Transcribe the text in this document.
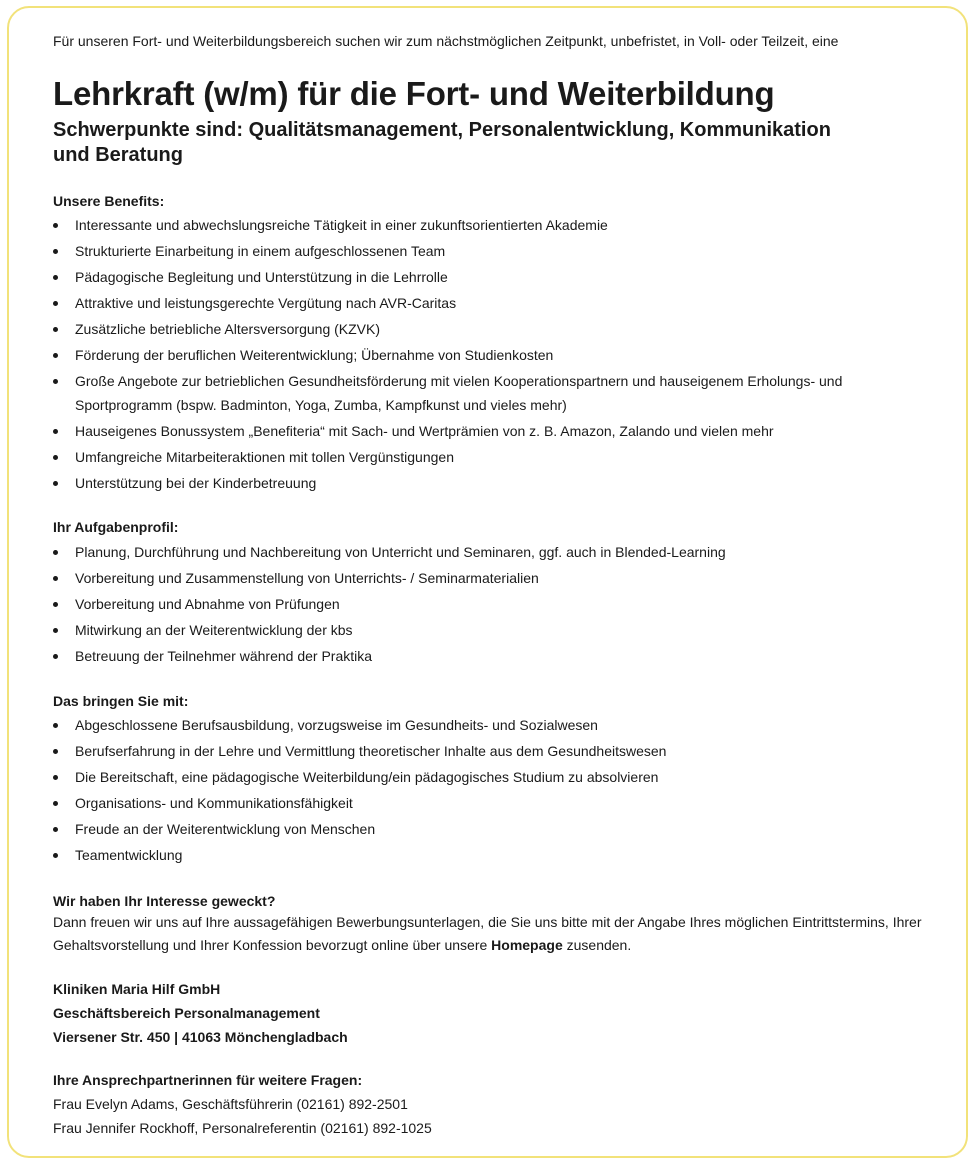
Für unseren Fort- und Weiterbildungsbereich suchen wir zum nächstmöglichen Zeitpunkt, unbefristet, in Voll- oder Teilzeit, eine
Lehrkraft (w/m) für die Fort- und Weiterbildung
Schwerpunkte sind: Qualitätsmanagement, Personalentwicklung, Kommunikation und Beratung
Unsere Benefits:
Interessante und abwechslungsreiche Tätigkeit in einer zukunftsorientierten Akademie
Strukturierte Einarbeitung in einem aufgeschlossenen Team
Pädagogische Begleitung und Unterstützung in die Lehrrolle
Attraktive und leistungsgerechte Vergütung nach AVR-Caritas
Zusätzliche betriebliche Altersversorgung (KZVK)
Förderung der beruflichen Weiterentwicklung; Übernahme von Studienkosten
Große Angebote zur betrieblichen Gesundheitsförderung mit vielen Kooperationspartnern und hauseigenem Erholungs- und Sportprogramm (bspw. Badminton, Yoga, Zumba, Kampfkunst und vieles mehr)
Hauseigenes Bonussystem „Benefiteria“ mit Sach- und Wertprämien von z. B. Amazon, Zalando und vielen mehr
Umfangreiche Mitarbeiteraktionen mit tollen Vergünstigungen
Unterstützung bei der Kinderbetreuung
Ihr Aufgabenprofil:
Planung, Durchführung und Nachbereitung von Unterricht und Seminaren, ggf. auch in Blended-Learning
Vorbereitung und Zusammenstellung von Unterrichts- / Seminarmaterialien
Vorbereitung und Abnahme von Prüfungen
Mitwirkung an der Weiterentwicklung der kbs
Betreuung der Teilnehmer während der Praktika
Das bringen Sie mit:
Abgeschlossene Berufsausbildung, vorzugsweise im Gesundheits- und Sozialwesen
Berufserfahrung in der Lehre und Vermittlung theoretischer Inhalte aus dem Gesundheitswesen
Die Bereitschaft, eine pädagogische Weiterbildung/ein pädagogisches Studium zu absolvieren
Organisations- und Kommunikationsfähigkeit
Freude an der Weiterentwicklung von Menschen
Teamentwicklung
Wir haben Ihr Interesse geweckt?
Dann freuen wir uns auf Ihre aussagefähigen Bewerbungsunterlagen, die Sie uns bitte mit der Angabe Ihres möglichen Eintrittstermins, Ihrer Gehaltsvorstellung und Ihrer Konfession bevorzugt online über unsere Homepage zusenden.
Kliniken Maria Hilf GmbH
Geschäftsbereich Personalmanagement
Viersener Str. 450 | 41063 Mönchengladbach
Ihre Ansprechpartnerinnen für weitere Fragen:
Frau Evelyn Adams, Geschäftsführerin (02161) 892-2501
Frau Jennifer Rockhoff, Personalreferentin (02161) 892-1025
